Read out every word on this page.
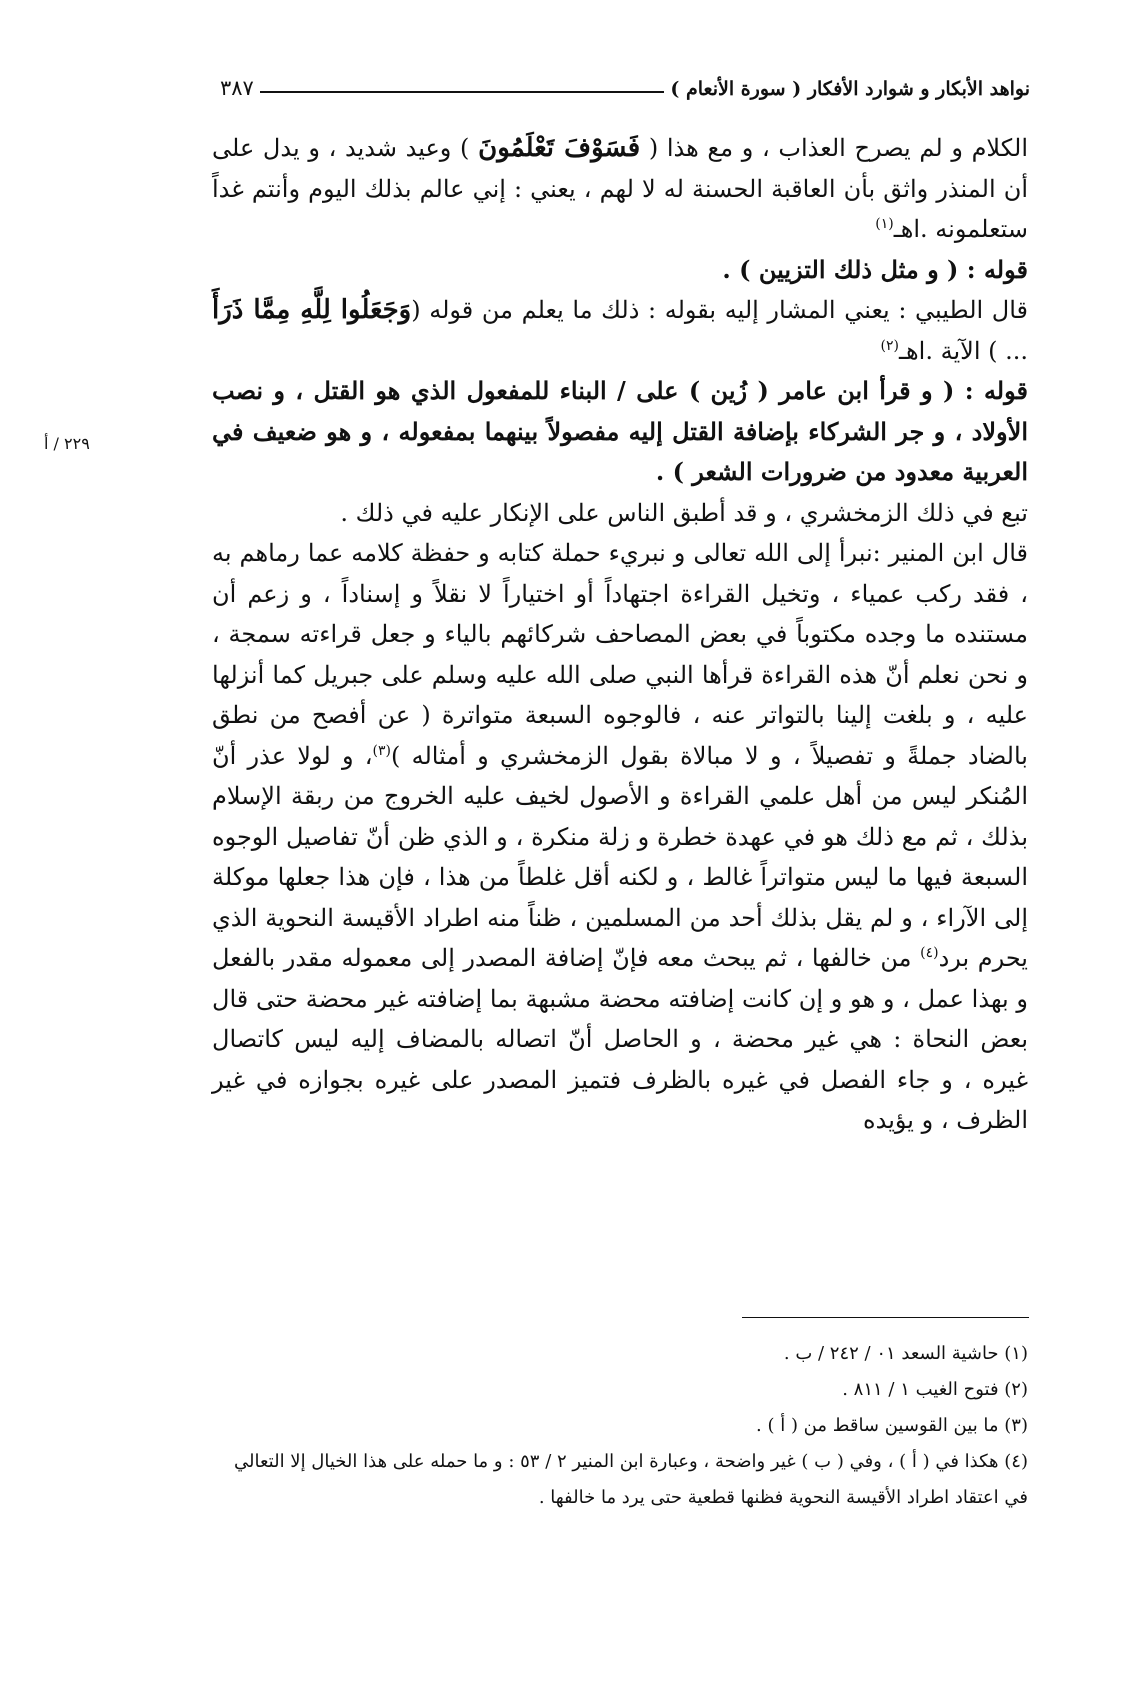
نواهد الأبكار و شوارد الأفكار ( سورة الأنعام )
٣٨٧
٢٢٩ / أ

الكلام و لم يصرح العذاب ، و مع هذا ( فَسَوْفَ تَعْلَمُونَ ) وعيد شديد ، و يدل على أن المنذر واثق بأن العاقبة الحسنة له لا لهم ، يعني : إني عالم بذلك اليوم وأنتم غداً ستعلمونه .اهـ$^{(١)}$

قوله : ( و مثل ذلك التزيين ) .

قال الطيبي : يعني المشار إليه بقوله : ذلك ما يعلم من قوله (وَجَعَلُوا لِلَّهِ مِمَّا ذَرَأَ ... ) الآية .اهـ$^{(٢)}$

قوله : ( و قرأ ابن عامر ( زُين ) على / البناء للمفعول الذي هو القتل ، و نصب الأولاد ، و جر الشركاء بإضافة القتل إليه مفصولاً بينهما بمفعوله ، و هو ضعيف في العربية معدود من ضرورات الشعر ) .

تبع في ذلك الزمخشري ، و قد أطبق الناس على الإنكار عليه في ذلك .

قال ابن المنير :نبرأ إلى الله تعالى و نبريء حملة كتابه و حفظة كلامه عما رماهم به ، فقد ركب عمياء ، وتخيل القراءة اجتهاداً أو اختياراً لا نقلاً و إسناداً ، و زعم أن مستنده ما وجده مكتوباً في بعض المصاحف شركائهم بالياء و جعل قراءته سمجة ، و نحن نعلم أنّ هذه القراءة قرأها النبي صلى الله عليه وسلم على جبريل كما أنزلها عليه ، و بلغت إلينا بالتواتر عنه ، فالوجوه السبعة متواترة ( عن أفصح من نطق بالضاد جملةً و تفصيلاً ، و لا مبالاة بقول الزمخشري و أمثاله )$^{(٣)}$، و لولا عذر أنّ المُنكر ليس من أهل علمي القراءة و الأصول لخيف عليه الخروج من ربقة الإسلام بذلك ، ثم مع ذلك هو في عهدة خطرة و زلة منكرة ، و الذي ظن أنّ تفاصيل الوجوه السبعة فيها ما ليس متواتراً غالط ، و لكنه أقل غلطاً من هذا ، فإن هذا جعلها موكلة إلى الآراء ، و لم يقل بذلك أحد من المسلمين ، ظناً منه اطراد الأقيسة النحوية الذي يحرم برد$^{(٤)}$ من خالفها ، ثم يبحث معه فإنّ إضافة المصدر إلى معموله مقدر بالفعل و بهذا عمل ، و هو و إن كانت إضافته محضة مشبهة بما إضافته غير محضة حتى قال بعض النحاة : هي غير محضة ، و الحاصل أنّ اتصاله بالمضاف إليه ليس كاتصال غيره ، و جاء الفصل في غيره بالظرف فتميز المصدر على غيره بجوازه في غير الظرف ، و يؤيده

(١) حاشية السعد ٠١ / ٢٤٢ / ب .

(٢) فتوح الغيب ١ / ٨١١ .

(٣) ما بين القوسين ساقط من ( أ ) .

(٤) هكذا في ( أ ) ، وفي ( ب ) غير واضحة ، وعبارة ابن المنير ٢ / ٥٣ : و ما حمله على هذا الخيال إلا التعالي في اعتقاد اطراد الأقيسة النحوية فظنها قطعية حتى يرد ما خالفها .
